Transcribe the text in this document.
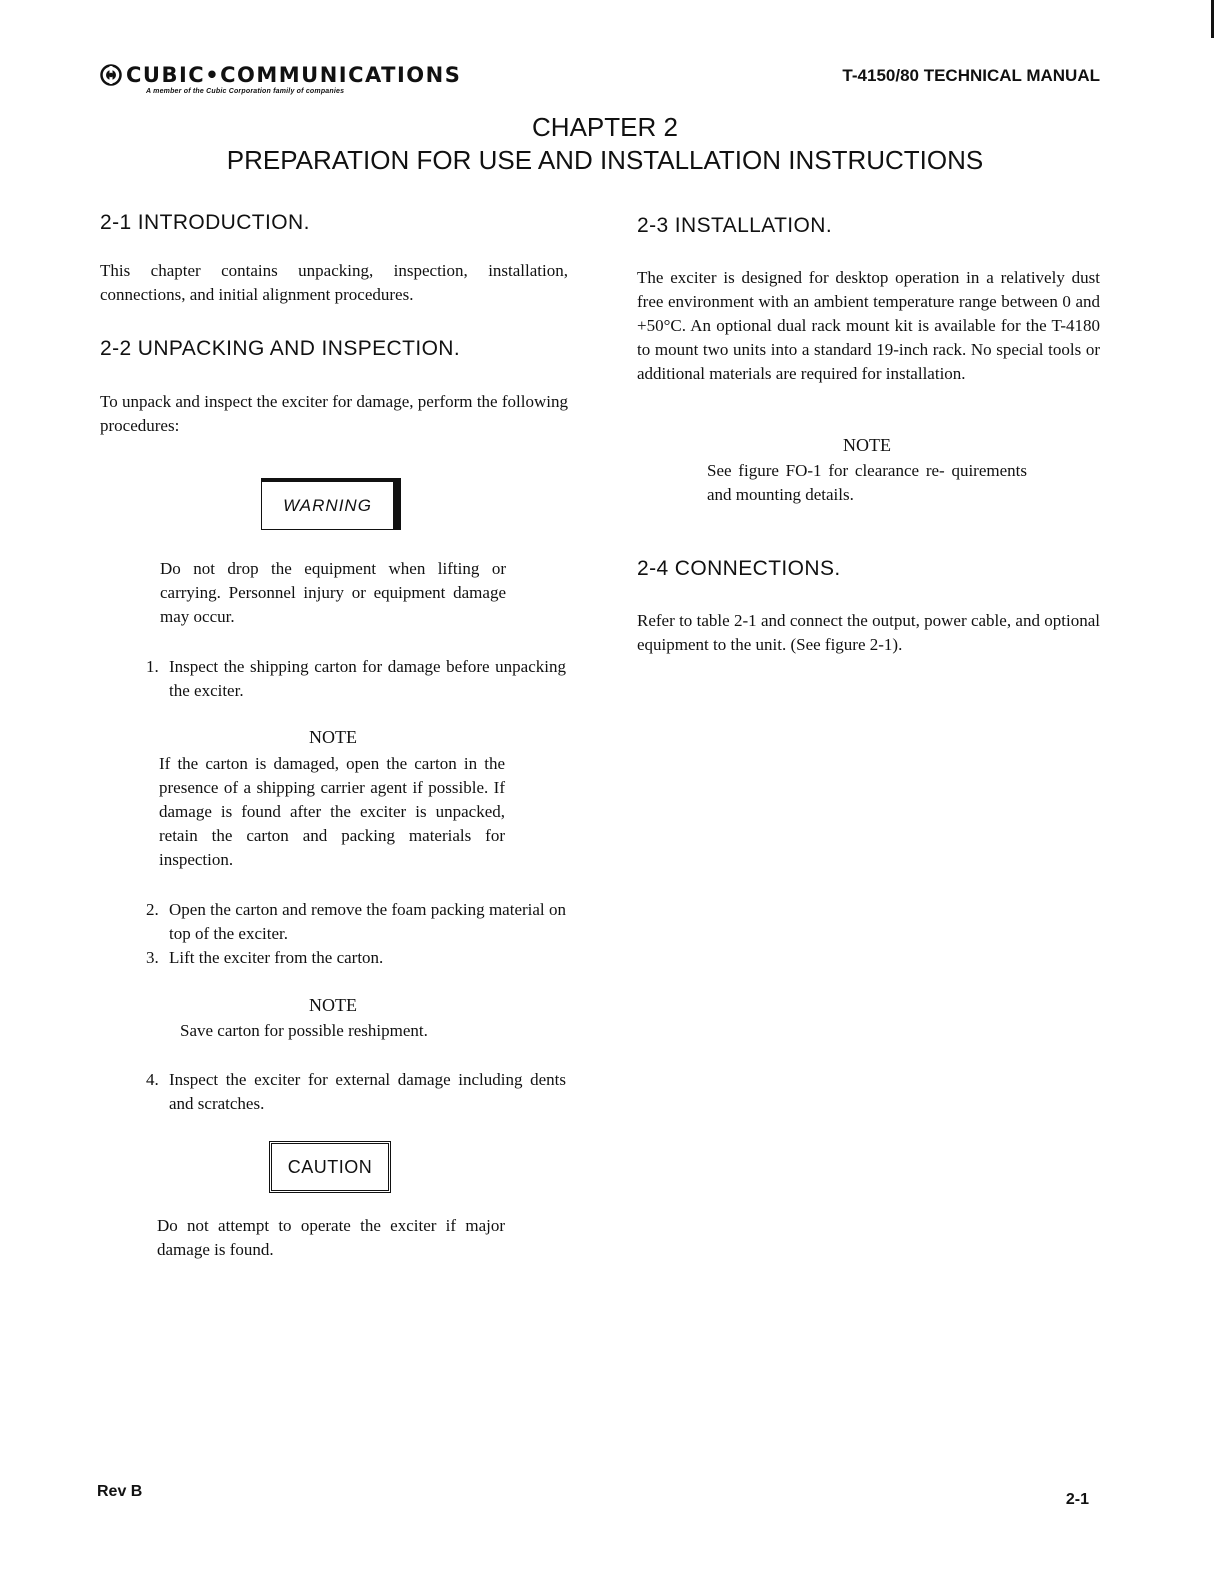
CUBIC•COMMUNICATIONS
A member of the Cubic Corporation family of companies
T-4150/80 TECHNICAL MANUAL
CHAPTER 2
PREPARATION FOR USE AND INSTALLATION INSTRUCTIONS
2-1 INTRODUCTION.
This chapter contains unpacking, inspection, installation, connections, and initial alignment procedures.
2-2 UNPACKING AND INSPECTION.
To unpack and inspect the exciter for damage, perform the following procedures:
WARNING
Do not drop the equipment when lifting or carrying. Personnel injury or equipment damage may occur.
1. Inspect the shipping carton for damage before unpacking the exciter.
NOTE
If the carton is damaged, open the carton in the presence of a shipping carrier agent if possible. If damage is found after the exciter is unpacked, retain the carton and packing materials for inspection.
2. Open the carton and remove the foam packing material on top of the exciter.
3. Lift the exciter from the carton.
NOTE
Save carton for possible reshipment.
4. Inspect the exciter for external damage including dents and scratches.
CAUTION
Do not attempt to operate the exciter if major damage is found.
2-3 INSTALLATION.
The exciter is designed for desktop operation in a relatively dust free environment with an ambient temperature range between 0 and +50°C. An optional dual rack mount kit is available for the T-4180 to mount two units into a standard 19-inch rack. No special tools or additional materials are required for installation.
NOTE
See figure FO-1 for clearance re- quirements and mounting details.
2-4 CONNECTIONS.
Refer to table 2-1 and connect the output, power cable, and optional equipment to the unit. (See figure 2-1).
Rev B	2-1
